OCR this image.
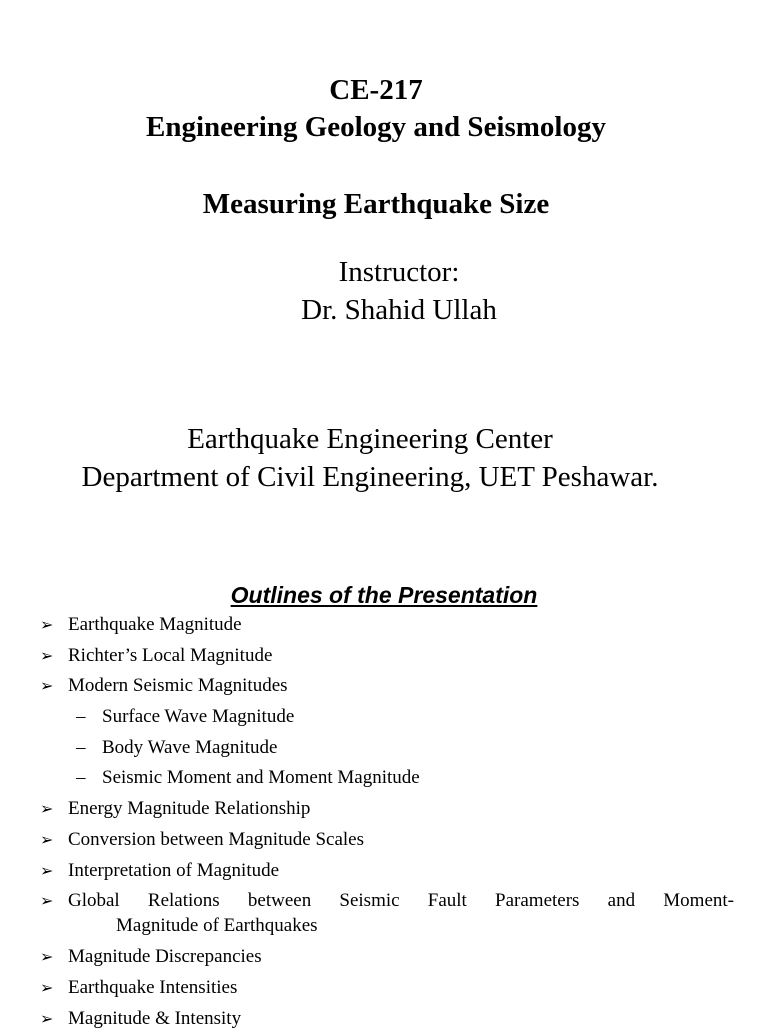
CE-217
Engineering Geology and Seismology
Measuring Earthquake Size
Instructor:
Dr. Shahid Ullah
Earthquake Engineering Center
Department of Civil Engineering, UET Peshawar.
Outlines of the Presentation
➢ Earthquake Magnitude
➢ Richter’s Local Magnitude
➢ Modern Seismic Magnitudes
– Surface Wave Magnitude
– Body Wave Magnitude
– Seismic Moment and Moment Magnitude
➢ Energy Magnitude Relationship
➢ Conversion between Magnitude Scales
➢ Interpretation of Magnitude
➢ Global Relations between Seismic Fault Parameters and Moment-
Magnitude of Earthquakes
➢ Magnitude Discrepancies
➢ Earthquake Intensities
➢ Magnitude & Intensity
